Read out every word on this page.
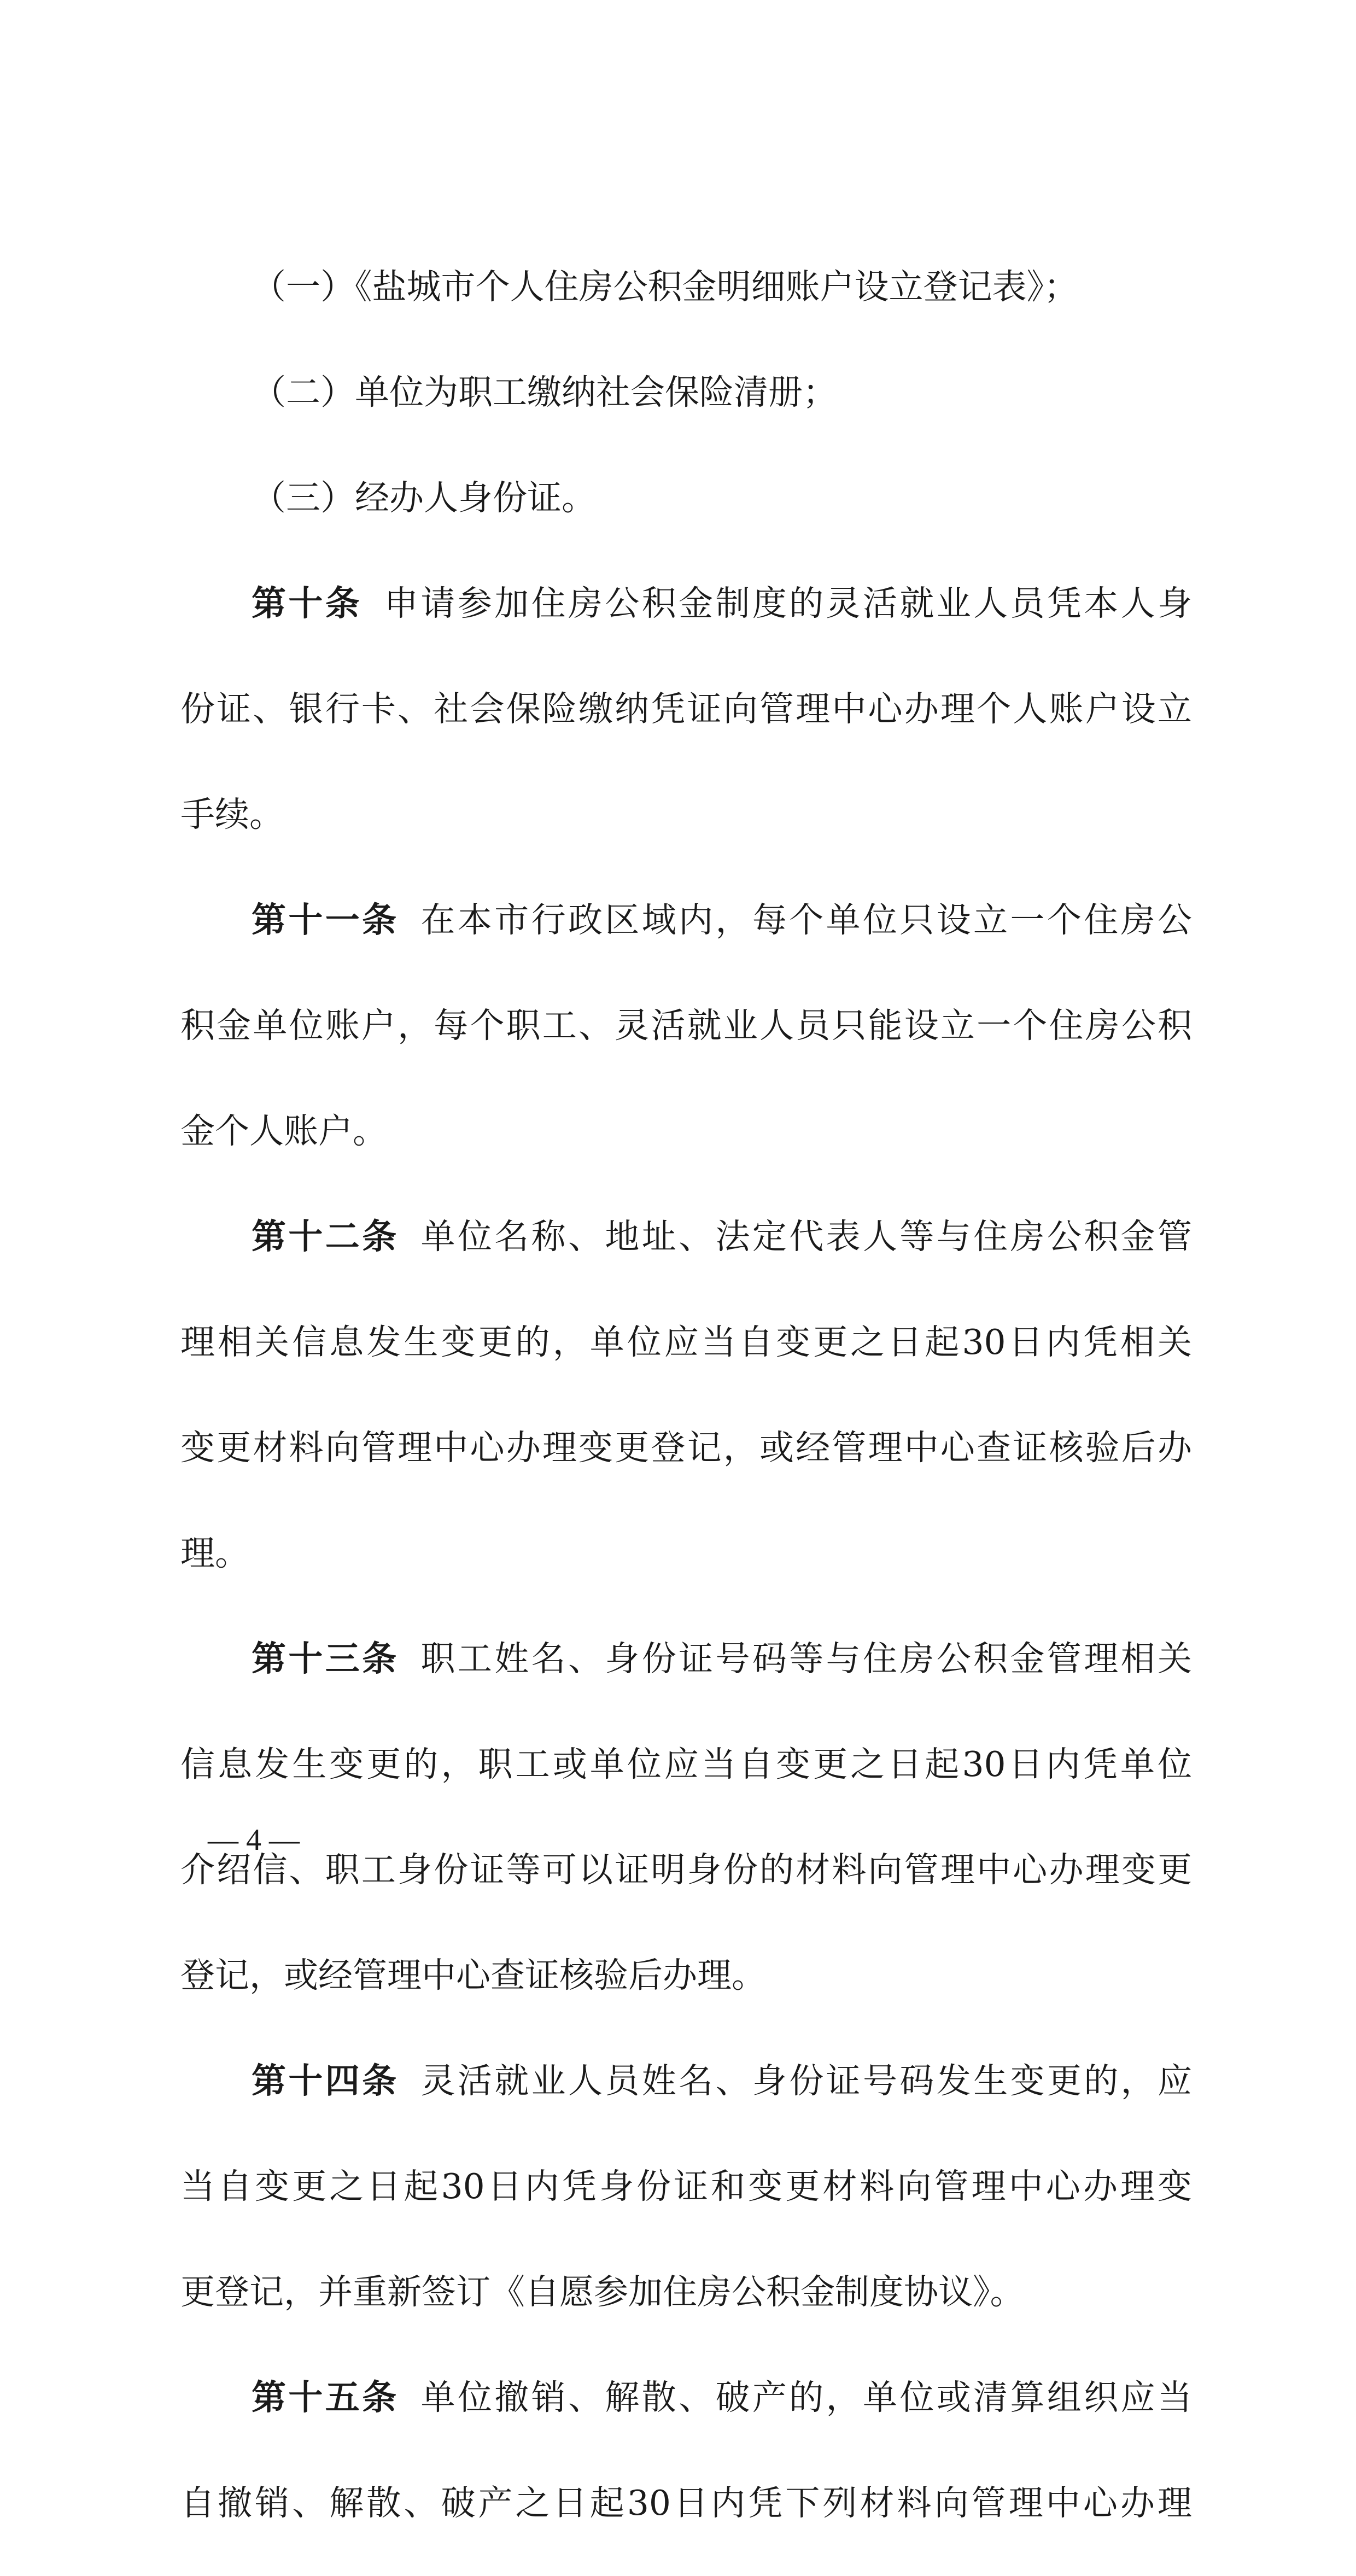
（一）《盐城市个人住房公积金明细账户设立登记表》；
（二）单位为职工缴纳社会保险清册；
（三）经办人身份证。
第十条 申请参加住房公积金制度的灵活就业人员凭本人身
份证、银行卡、社会保险缴纳凭证向管理中心办理个人账户设立
手续。
第十一条 在本市行政区域内，每个单位只设立一个住房公
积金单位账户，每个职工、灵活就业人员只能设立一个住房公积
金个人账户。
第十二条 单位名称、地址、法定代表人等与住房公积金管
理相关信息发生变更的，单位应当自变更之日起30日内凭相关
变更材料向管理中心办理变更登记，或经管理中心查证核验后办
理。
第十三条 职工姓名、身份证号码等与住房公积金管理相关
信息发生变更的，职工或单位应当自变更之日起30日内凭单位
介绍信、职工身份证等可以证明身份的材料向管理中心办理变更
登记，或经管理中心查证核验后办理。
第十四条 灵活就业人员姓名、身份证号码发生变更的，应
当自变更之日起30日内凭身份证和变更材料向管理中心办理变
更登记，并重新签订《自愿参加住房公积金制度协议》。
第十五条 单位撤销、解散、破产的，单位或清算组织应当
自撤销、解散、破产之日起30日内凭下列材料向管理中心办理
— 4 —
